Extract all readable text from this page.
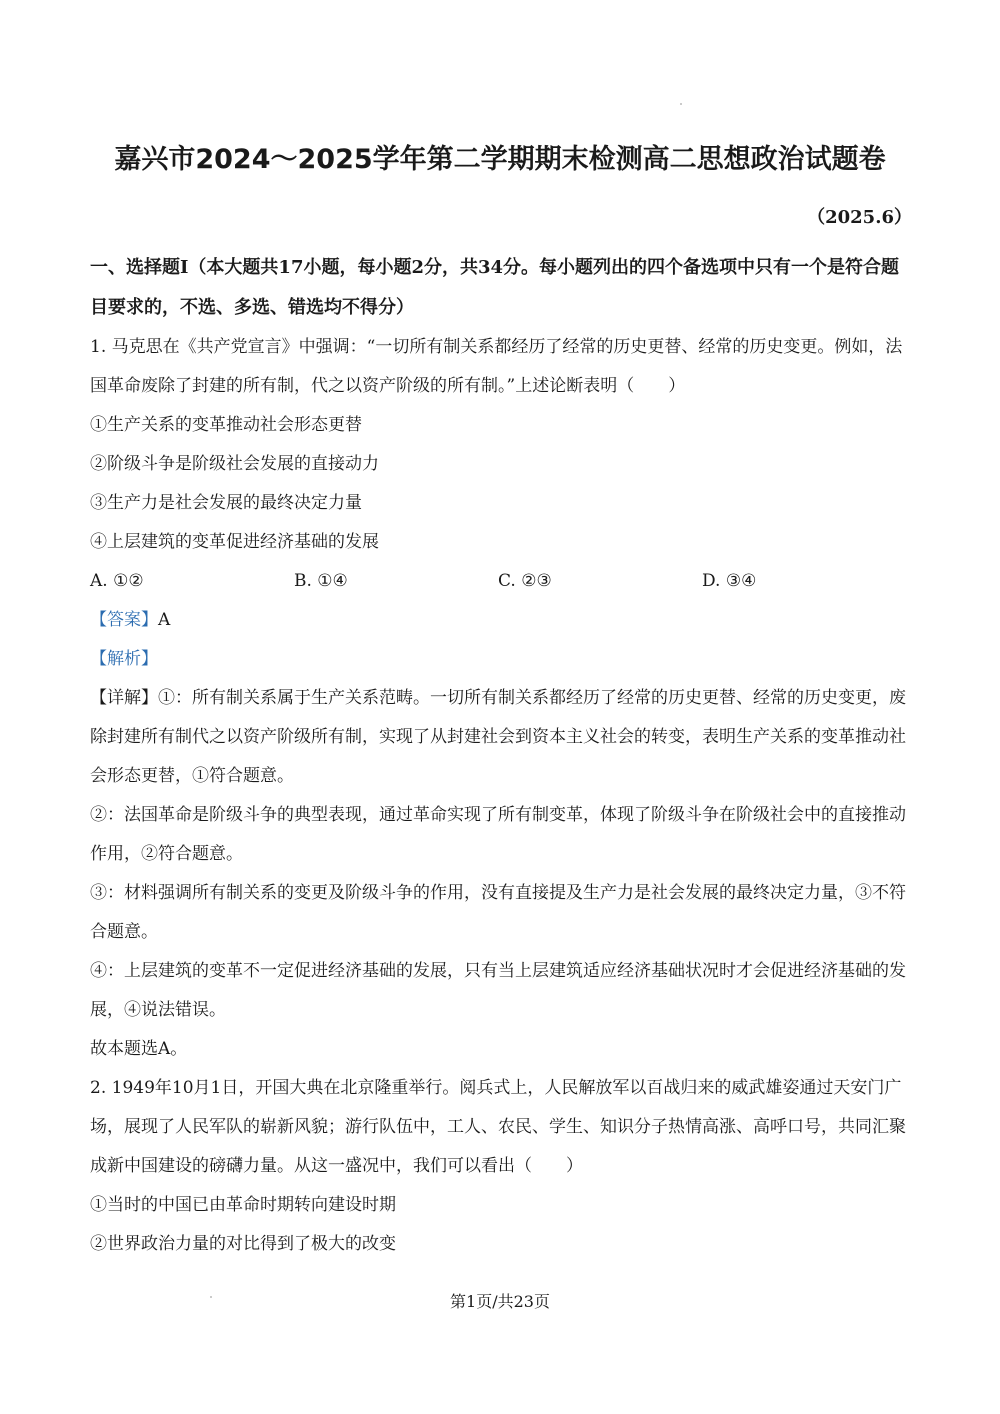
嘉兴市2024～2025学年第二学期期末检测高二思想政治试题卷
（2025.6）

一、选择题Ⅰ（本大题共17小题，每小题2分，共34分。每小题列出的四个备选项中只有一个是符合题目要求的，不选、多选、错选均不得分）

1. 马克思在《共产党宣言》中强调：“一切所有制关系都经历了经常的历史更替、经常的历史变更。例如，法国革命废除了封建的所有制，代之以资产阶级的所有制。”上述论断表明（　　）

①生产关系的变革推动社会形态更替

②阶级斗争是阶级社会发展的直接动力

③生产力是社会发展的最终决定力量

④上层建筑的变革促进经济基础的发展

A. ①②	B. ①④	C. ②③	D. ③④

【答案】A

【解析】

【详解】①：所有制关系属于生产关系范畴。一切所有制关系都经历了经常的历史更替、经常的历史变更，废除封建所有制代之以资产阶级所有制，实现了从封建社会到资本主义社会的转变，表明生产关系的变革推动社会形态更替，①符合题意。

②：法国革命是阶级斗争的典型表现，通过革命实现了所有制变革，体现了阶级斗争在阶级社会中的直接推动作用，②符合题意。

③：材料强调所有制关系的变更及阶级斗争的作用，没有直接提及生产力是社会发展的最终决定力量，③不符合题意。

④：上层建筑的变革不一定促进经济基础的发展，只有当上层建筑适应经济基础状况时才会促进经济基础的发展，④说法错误。

故本题选A。

2. 1949年10月1日，开国大典在北京隆重举行。阅兵式上，人民解放军以百战归来的威武雄姿通过天安门广场，展现了人民军队的崭新风貌；游行队伍中，工人、农民、学生、知识分子热情高涨、高呼口号，共同汇聚成新中国建设的磅礴力量。从这一盛况中，我们可以看出（　　）

①当时的中国已由革命时期转向建设时期

②世界政治力量的对比得到了极大的改变

第1页/共23页
